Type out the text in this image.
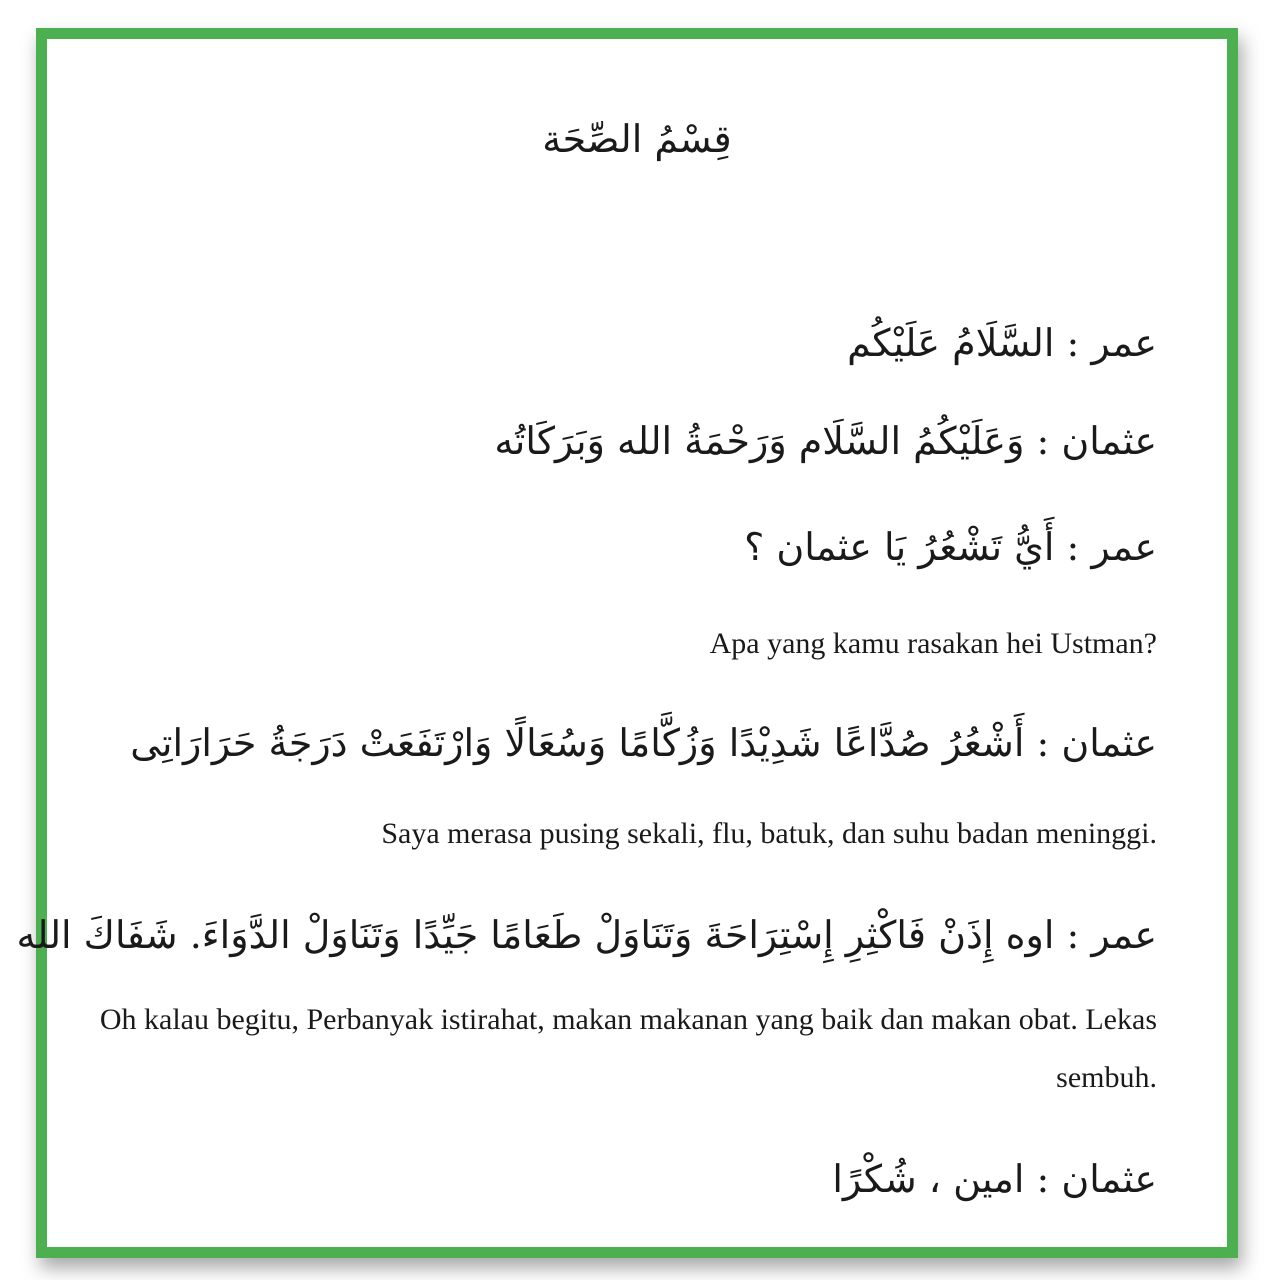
قِسْمُ الصِّحَة
عمر : السَّلَامُ عَلَيْكُم
عثمان : وَعَلَيْكُمُ السَّلَام وَرَحْمَةُ الله وَبَرَكَاتُه
عمر : أَيُّ تَشْعُرُ يَا عثمان ؟
Apa yang kamu rasakan hei Ustman?
عثمان : أَشْعُرُ صُدَّاعًا شَدِيْدًا وَزُكَّامًا وَسُعَالًا وَارْتَفَعَتْ دَرَجَةُ حَرَارَاتِى
Saya merasa pusing sekali, flu, batuk, dan suhu badan meninggi.
عمر : اوه إِذَنْ فَاكْثِرِ إِسْتِرَاحَةَ وَتَنَاوَلْ طَعَامًا جَيِّدًا وَتَنَاوَلْ الدَّوَاءَ. شَفَاكَ الله
Oh kalau begitu, Perbanyak istirahat, makan makanan yang baik dan makan obat. Lekas sembuh.
عثمان : امين ، شُكْرًا
